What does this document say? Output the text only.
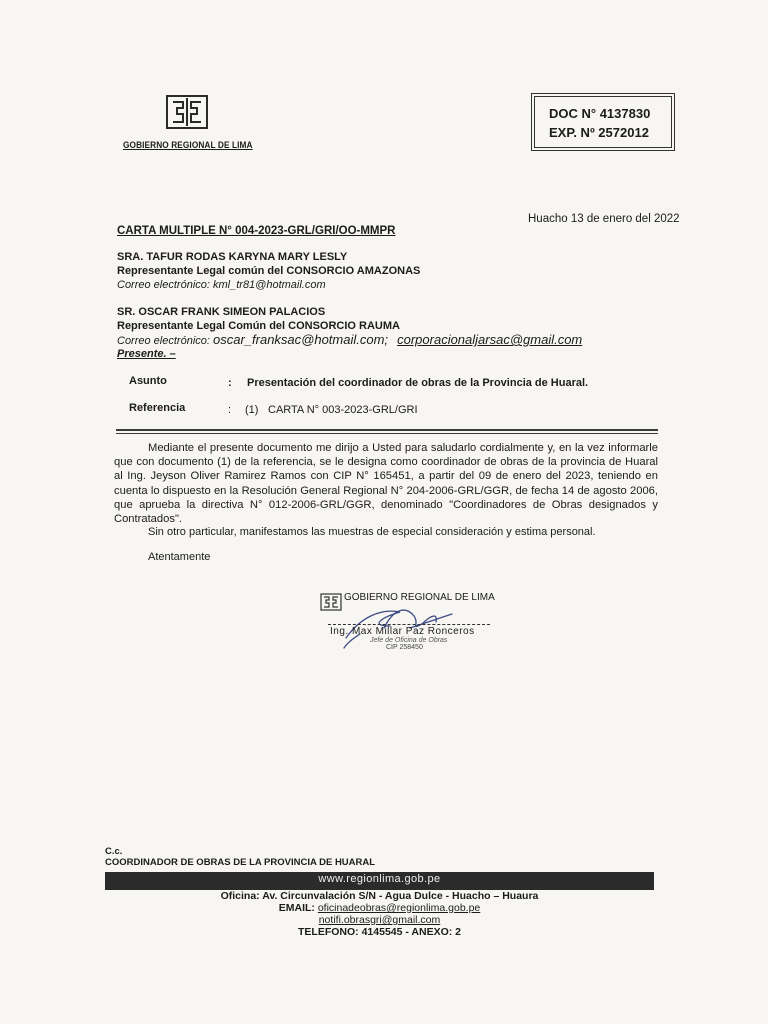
GOBIERNO REGIONAL DE LIMA
DOC N° 4137830
EXP. Nº 2572012
Huacho 13 de enero del 2022
CARTA MULTIPLE N° 004-2023-GRL/GRI/OO-MMPR
SRA. TAFUR RODAS KARYNA MARY LESLY
Representante Legal común del CONSORCIO AMAZONAS
Correo electrónico: kml_tr81@hotmail.com
SR. OSCAR FRANK SIMEON PALACIOS
Representante Legal Común del CONSORCIO RAUMA
Correo electrónico: oscar_franksac@hotmail.com; corporacionaljarsac@gmail.com
Presente. –
Asunto	: Presentación del coordinador de obras de la Provincia de Huaral.
Referencia	: (1) CARTA N° 003-2023-GRL/GRI

Mediante el presente documento me dirijo a Usted para saludarlo cordialmente y, en la vez informarle que con documento (1) de la referencia, se le designa como coordinador de obras de la provincia de Huaral al Ing. Jeyson Oliver Ramirez Ramos con CIP N° 165451, a partir del 09 de enero del 2023, teniendo en cuenta lo dispuesto en la Resolución General Regional N° 204-2006-GRL/GGR, de fecha 14 de agosto 2006, que aprueba la directiva N° 012-2006-GRL/GGR, denominado "Coordinadores de Obras designados y Contratados".

Sin otro particular, manifestamos las muestras de especial consideración y estima personal.
Atentamente
GOBIERNO REGIONAL DE LIMA
Ing. Max Millar Paz Ronceros
Jefe de Oficina de Obras
CIP 258450
C.c.
COORDINADOR DE OBRAS DE LA PROVINCIA DE HUARAL
www.regionlima.gob.pe
Oficina: Av. Circunvalación S/N - Agua Dulce - Huacho – Huaura
EMAIL: oficinadeobras@regionlima.gob.pe
notifi.obrasgri@gmail.com
TELEFONO: 4145545 - ANEXO: 2
